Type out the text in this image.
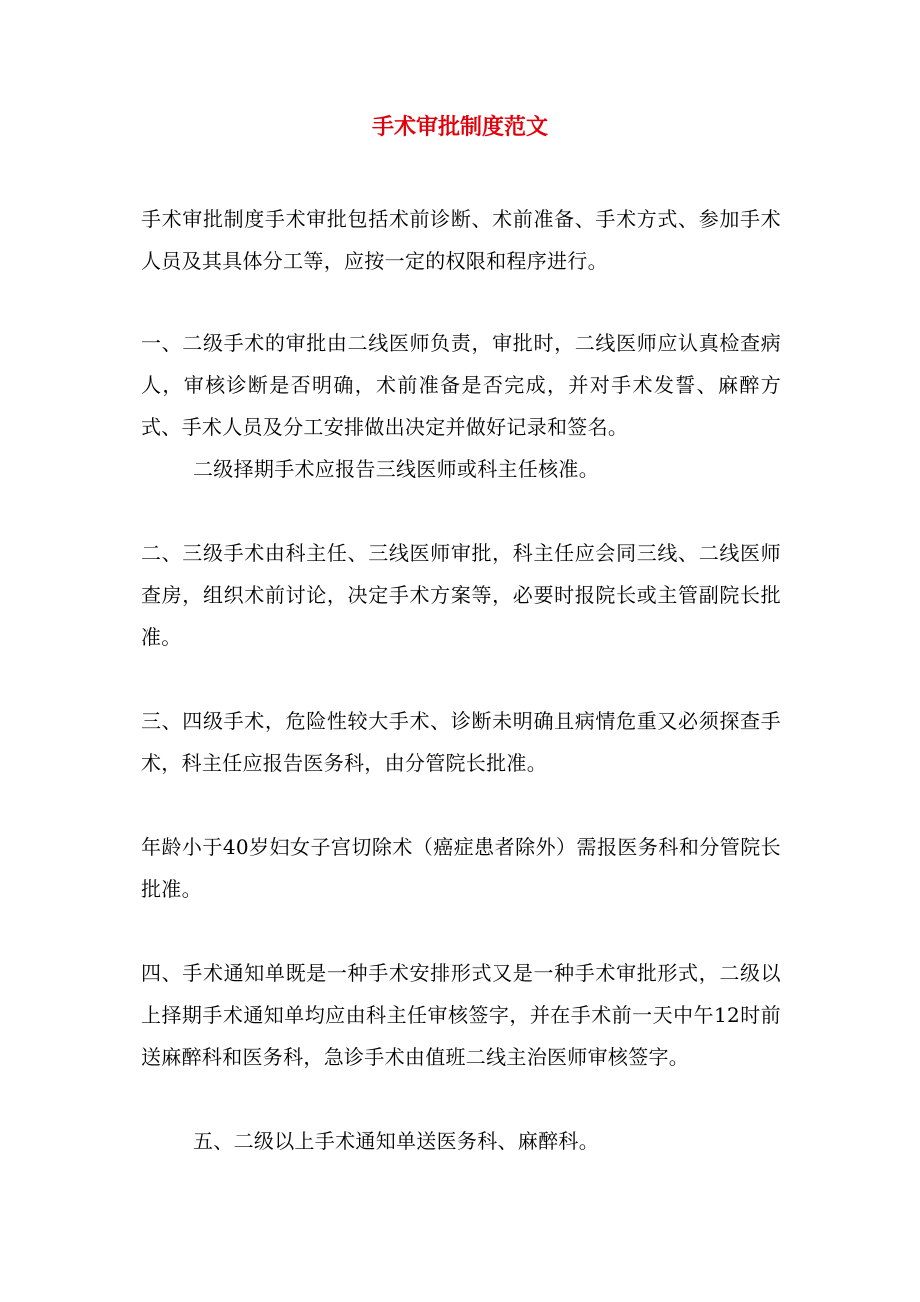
手术审批制度范文

手术审批制度手术审批包括术前诊断、术前准备、手术方式、参加手术人员及其具体分工等，应按一定的权限和程序进行。

一、二级手术的审批由二线医师负责，审批时，二线医师应认真检查病人，审核诊断是否明确，术前准备是否完成，并对手术发誓、麻醉方式、手术人员及分工安排做出决定并做好记录和签名。

二级择期手术应报告三线医师或科主任核准。

二、三级手术由科主任、三线医师审批，科主任应会同三线、二线医师查房，组织术前讨论，决定手术方案等，必要时报院长或主管副院长批准。

三、四级手术，危险性较大手术、诊断未明确且病情危重又必须探查手术，科主任应报告医务科，由分管院长批准。

年龄小于40岁妇女子宫切除术（癌症患者除外）需报医务科和分管院长批准。

四、手术通知单既是一种手术安排形式又是一种手术审批形式，二级以上择期手术通知单均应由科主任审核签字，并在手术前一天中午12时前送麻醉科和医务科，急诊手术由值班二线主治医师审核签字。

五、二级以上手术通知单送医务科、麻醉科。
